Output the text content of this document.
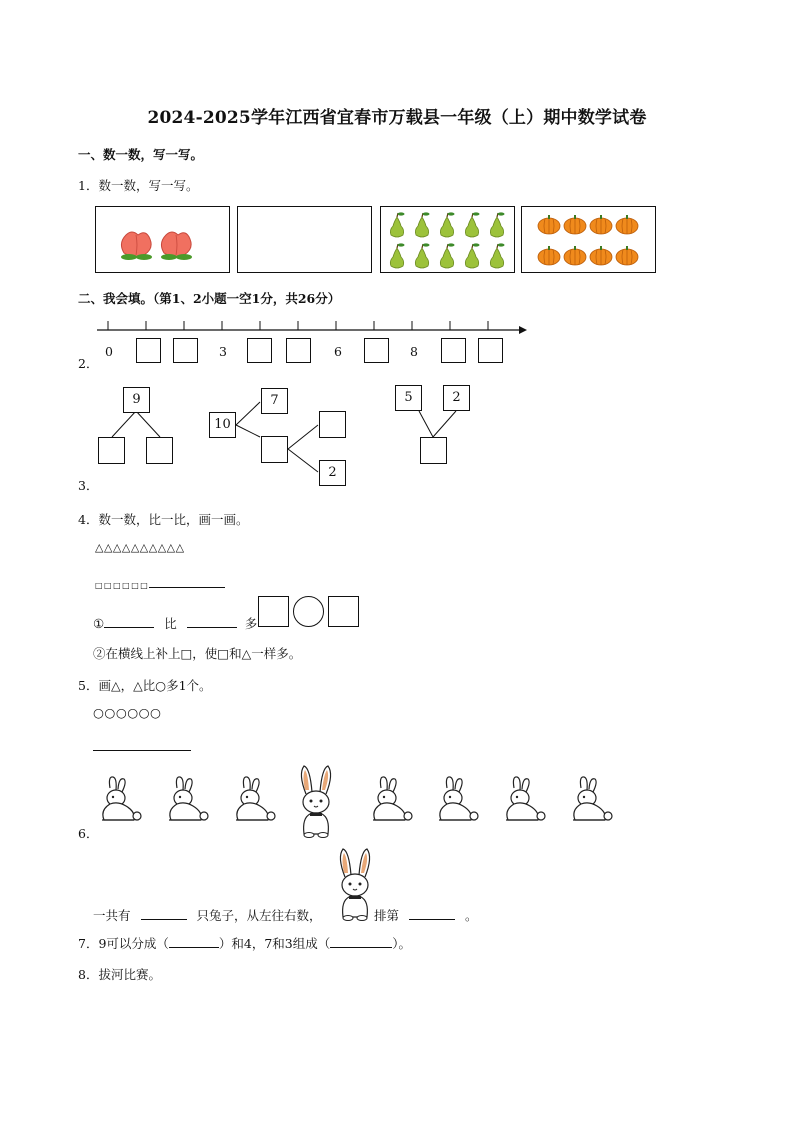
2024-2025学年江西省宜春市万载县一年级（上）期中数学试卷
一、数一数，写一写。
1．数一数，写一写。
二、我会填。（第1、2小题一空1分，共26分）
2．
0	3	6	8
9
10
7
2
5	2
3．
4．数一数，比一比，画一画。
△△△△△△△△△△
□□□□□□
①	比	多
②在横线上补上□，使□和△一样多。
5．画△，△比○多1个。
○○○○○○
6．
一共有	只兔子，从左往右数，	排第	。
7．9可以分成（	）和4，7和3组成（	）。
8．拔河比赛。
